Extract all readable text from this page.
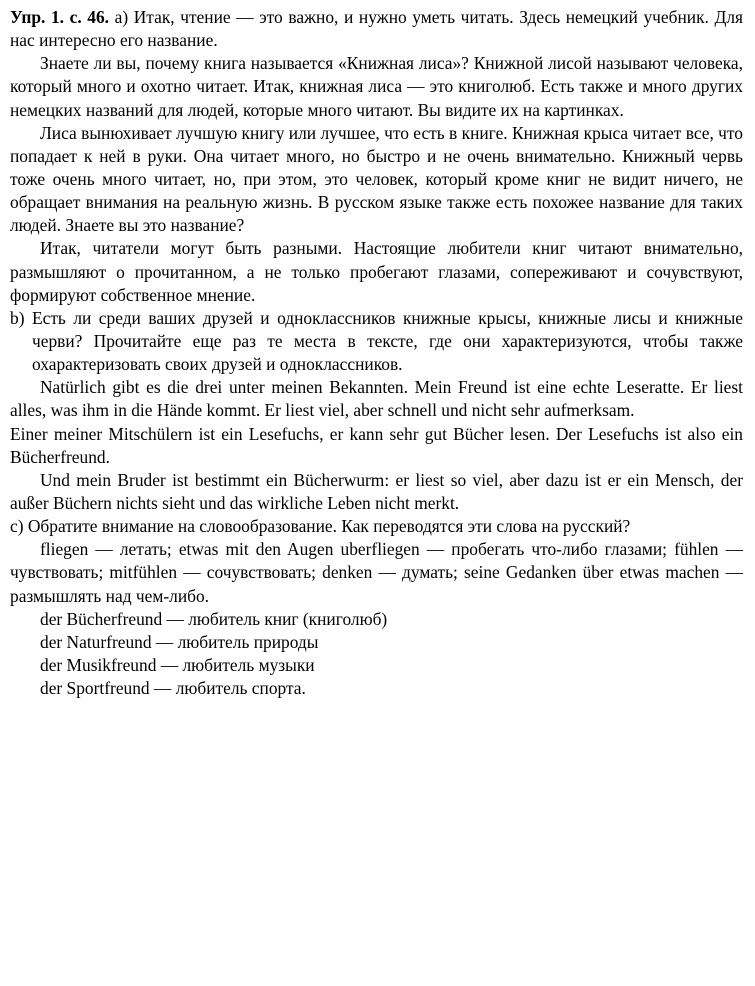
Упр. 1. с. 46. a) Итак, чтение — это важно, и нужно уметь читать. Здесь немецкий учебник. Для нас интересно его название.

Знаете ли вы, почему книга называется «Книжная лиса»? Книжной лисой называют человека, который много и охотно читает. Итак, книжная лиса — это книголюб. Есть также и много других немецких названий для людей, которые много читают. Вы видите их на картинках.

Лиса вынюхивает лучшую книгу или лучшее, что есть в книге. Книжная крыса читает все, что попадает к ней в руки. Она читает много, но быстро и не очень внимательно. Книжный червь тоже очень много читает, но, при этом, это человек, который кроме книг не видит ничего, не обращает внимания на реальную жизнь. В русском языке также есть похожее название для таких людей. Знаете вы это название?

Итак, читатели могут быть разными. Настоящие любители книг читают внимательно, размышляют о прочитанном, а не только пробегают глазами, сопереживают и сочувствуют, формируют собственное мнение.

b) Есть ли среди ваших друзей и одноклассников книжные крысы, книжные лисы и книжные черви? Прочитайте еще раз те места в тексте, где они характеризуются, чтобы также охарактеризовать своих друзей и одноклассников.

Natürlich gibt es die drei unter meinen Bekannten. Mein Freund ist eine echte Leseratte. Er liest alles, was ihm in die Hände kommt. Er liest viel, aber schnell und nicht sehr aufmerksam.

Einer meiner Mitschülern ist ein Lesefuchs, er kann sehr gut Bücher lesen. Der Lesefuchs ist also ein Bücherfreund.

Und mein Bruder ist bestimmt ein Bücherwurm: er liest so viel, aber dazu ist er ein Mensch, der außer Büchern nichts sieht und das wirkliche Leben nicht merkt.

c) Обратите внимание на словообразование. Как переводятся эти слова на русский?

fliegen — летать; etwas mit den Augen uberfliegen — пробегать что-либо глазами; fühlen — чувствовать; mitfühlen — сочувствовать; denken — думать; seine Gedanken über etwas machen — размышлять над чем-либо.

der Bücherfreund — любитель книг (книголюб)

der Naturfreund — любитель природы

der Musikfreund — любитель музыки

der Sportfreund — любитель спорта.
